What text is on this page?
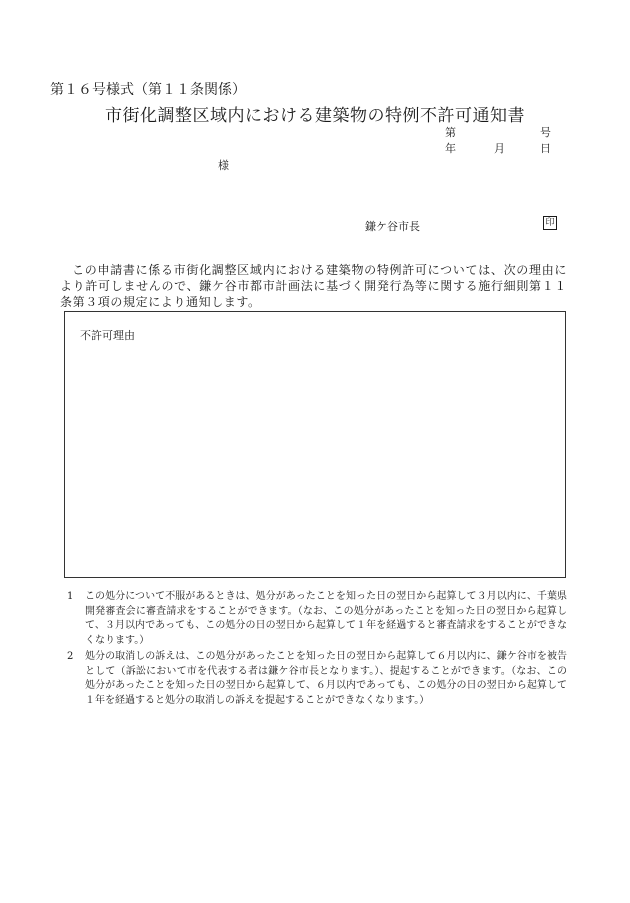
第１６号様式（第１１条関係）
市街化調整区域内における建築物の特例不許可通知書
第	号
年	月	日
様
鎌ケ谷市長	印
この申請書に係る市街化調整区域内における建築物の特例許可については、次の理由により許可しませんので、鎌ケ谷市都市計画法に基づく開発行為等に関する施行細則第１１条第３項の規定により通知します。
不許可理由
1	この処分について不服があるときは、処分があったことを知った日の翌日から起算して３月以内に、千葉県開発審査会に審査請求をすることができます。（なお、この処分があったことを知った日の翌日から起算して、３月以内であっても、この処分の日の翌日から起算して１年を経過すると審査請求をすることができなくなります。）
2	処分の取消しの訴えは、この処分があったことを知った日の翌日から起算して６月以内に、鎌ケ谷市を被告として（訴訟において市を代表する者は鎌ケ谷市長となります。）、提起することができます。（なお、この処分があったことを知った日の翌日から起算して、６月以内であっても、この処分の日の翌日から起算して１年を経過すると処分の取消しの訴えを提起することができなくなります。）
